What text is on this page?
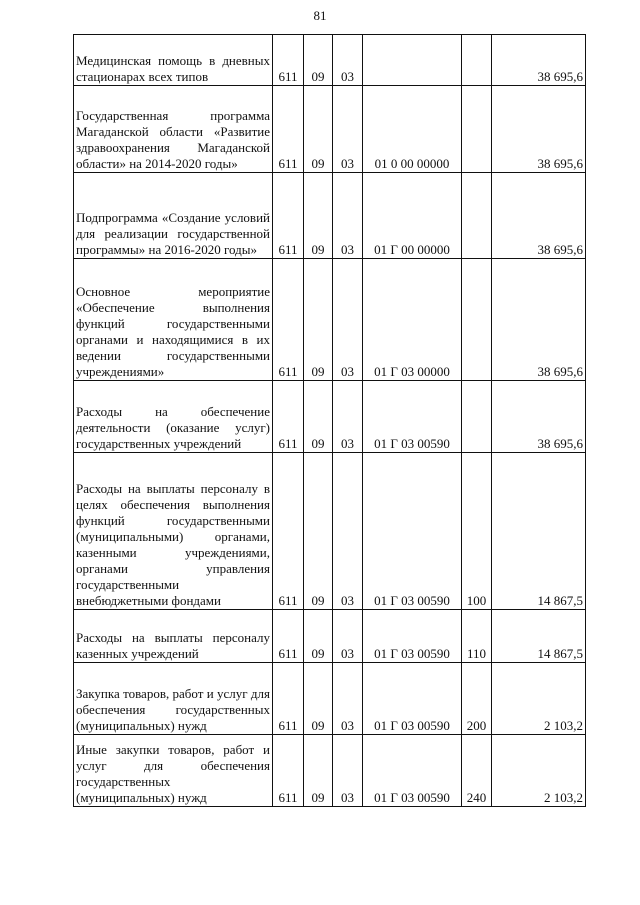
81
Медицинская помощь в дневных стационарах всех типов	611	09	03			38 695,6
Государственная программа Магаданской области «Развитие здравоохранения Магаданской области» на 2014-2020 годы»	611	09	03	01 0 00 00000		38 695,6
Подпрограмма «Создание условий для реализации государственной программы» на 2016-2020 годы»	611	09	03	01 Г 00 00000		38 695,6
Основное мероприятие «Обеспечение выполнения функций государственными органами и находящимися в их ведении государственными учреждениями»	611	09	03	01 Г 03 00000		38 695,6
Расходы на обеспечение деятельности (оказание услуг) государственных учреждений	611	09	03	01 Г 03 00590		38 695,6
Расходы на выплаты персоналу в целях обеспечения выполнения функций государственными (муниципальными) органами, казенными учреждениями, органами управления государственными внебюджетными фондами	611	09	03	01 Г 03 00590	100	14 867,5
Расходы на выплаты персоналу казенных учреждений	611	09	03	01 Г 03 00590	110	14 867,5
Закупка товаров, работ и услуг для обеспечения государственных (муниципальных) нужд	611	09	03	01 Г 03 00590	200	2 103,2
Иные закупки товаров, работ и услуг для обеспечения государственных (муниципальных) нужд	611	09	03	01 Г 03 00590	240	2 103,2
